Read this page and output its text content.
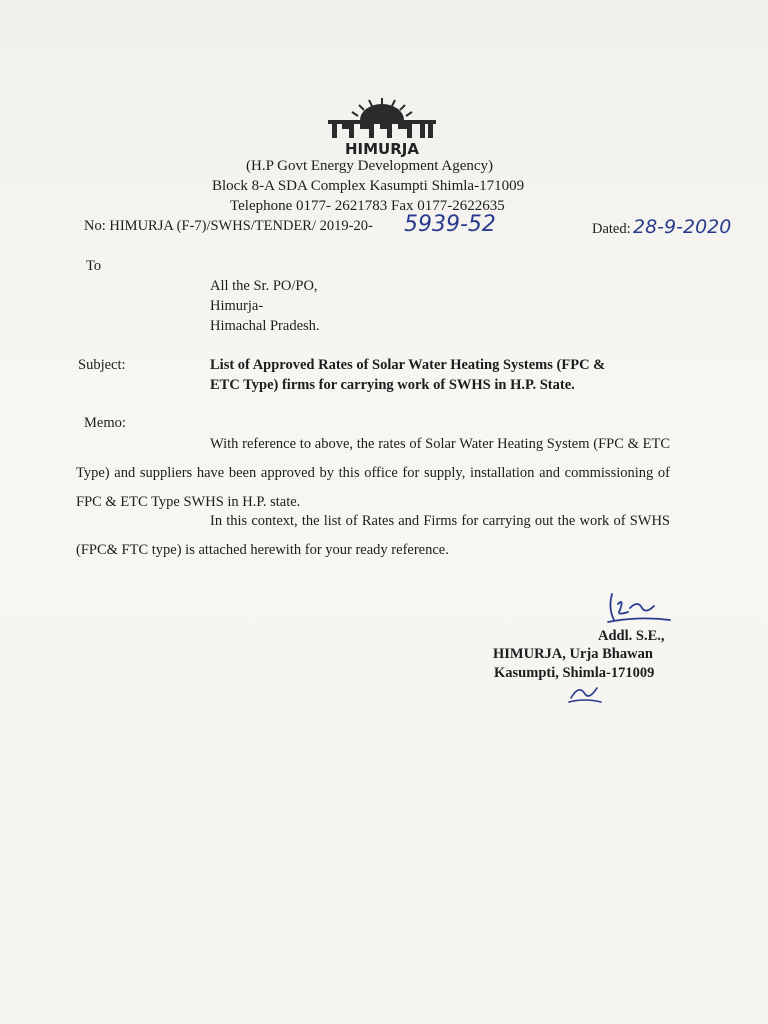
HIMURJA
(H.P Govt Energy Development Agency)
Block 8-A SDA Complex Kasumpti Shimla-171009
Telephone 0177- 2621783 Fax 0177-2622635
No: HIMURJA (F-7)/SWHS/TENDER/ 2019-20- 5939-52	Dated: 28-9-2020
To
All the Sr. PO/PO,
Himurja-
Himachal Pradesh.
Subject:	List of Approved Rates of Solar Water Heating Systems (FPC &
ETC Type) firms for carrying work of SWHS in H.P. State.
Memo:
With reference to above, the rates of Solar Water Heating System (FPC & ETC Type) and suppliers have been approved by this office for supply, installation and commissioning of FPC & ETC Type SWHS in H.P. state.
In this context, the list of Rates and Firms for carrying out the work of SWHS (FPC& FTC type) is attached herewith for your ready reference.
Addl. S.E.,
HIMURJA, Urja Bhawan
Kasumpti, Shimla-171009
